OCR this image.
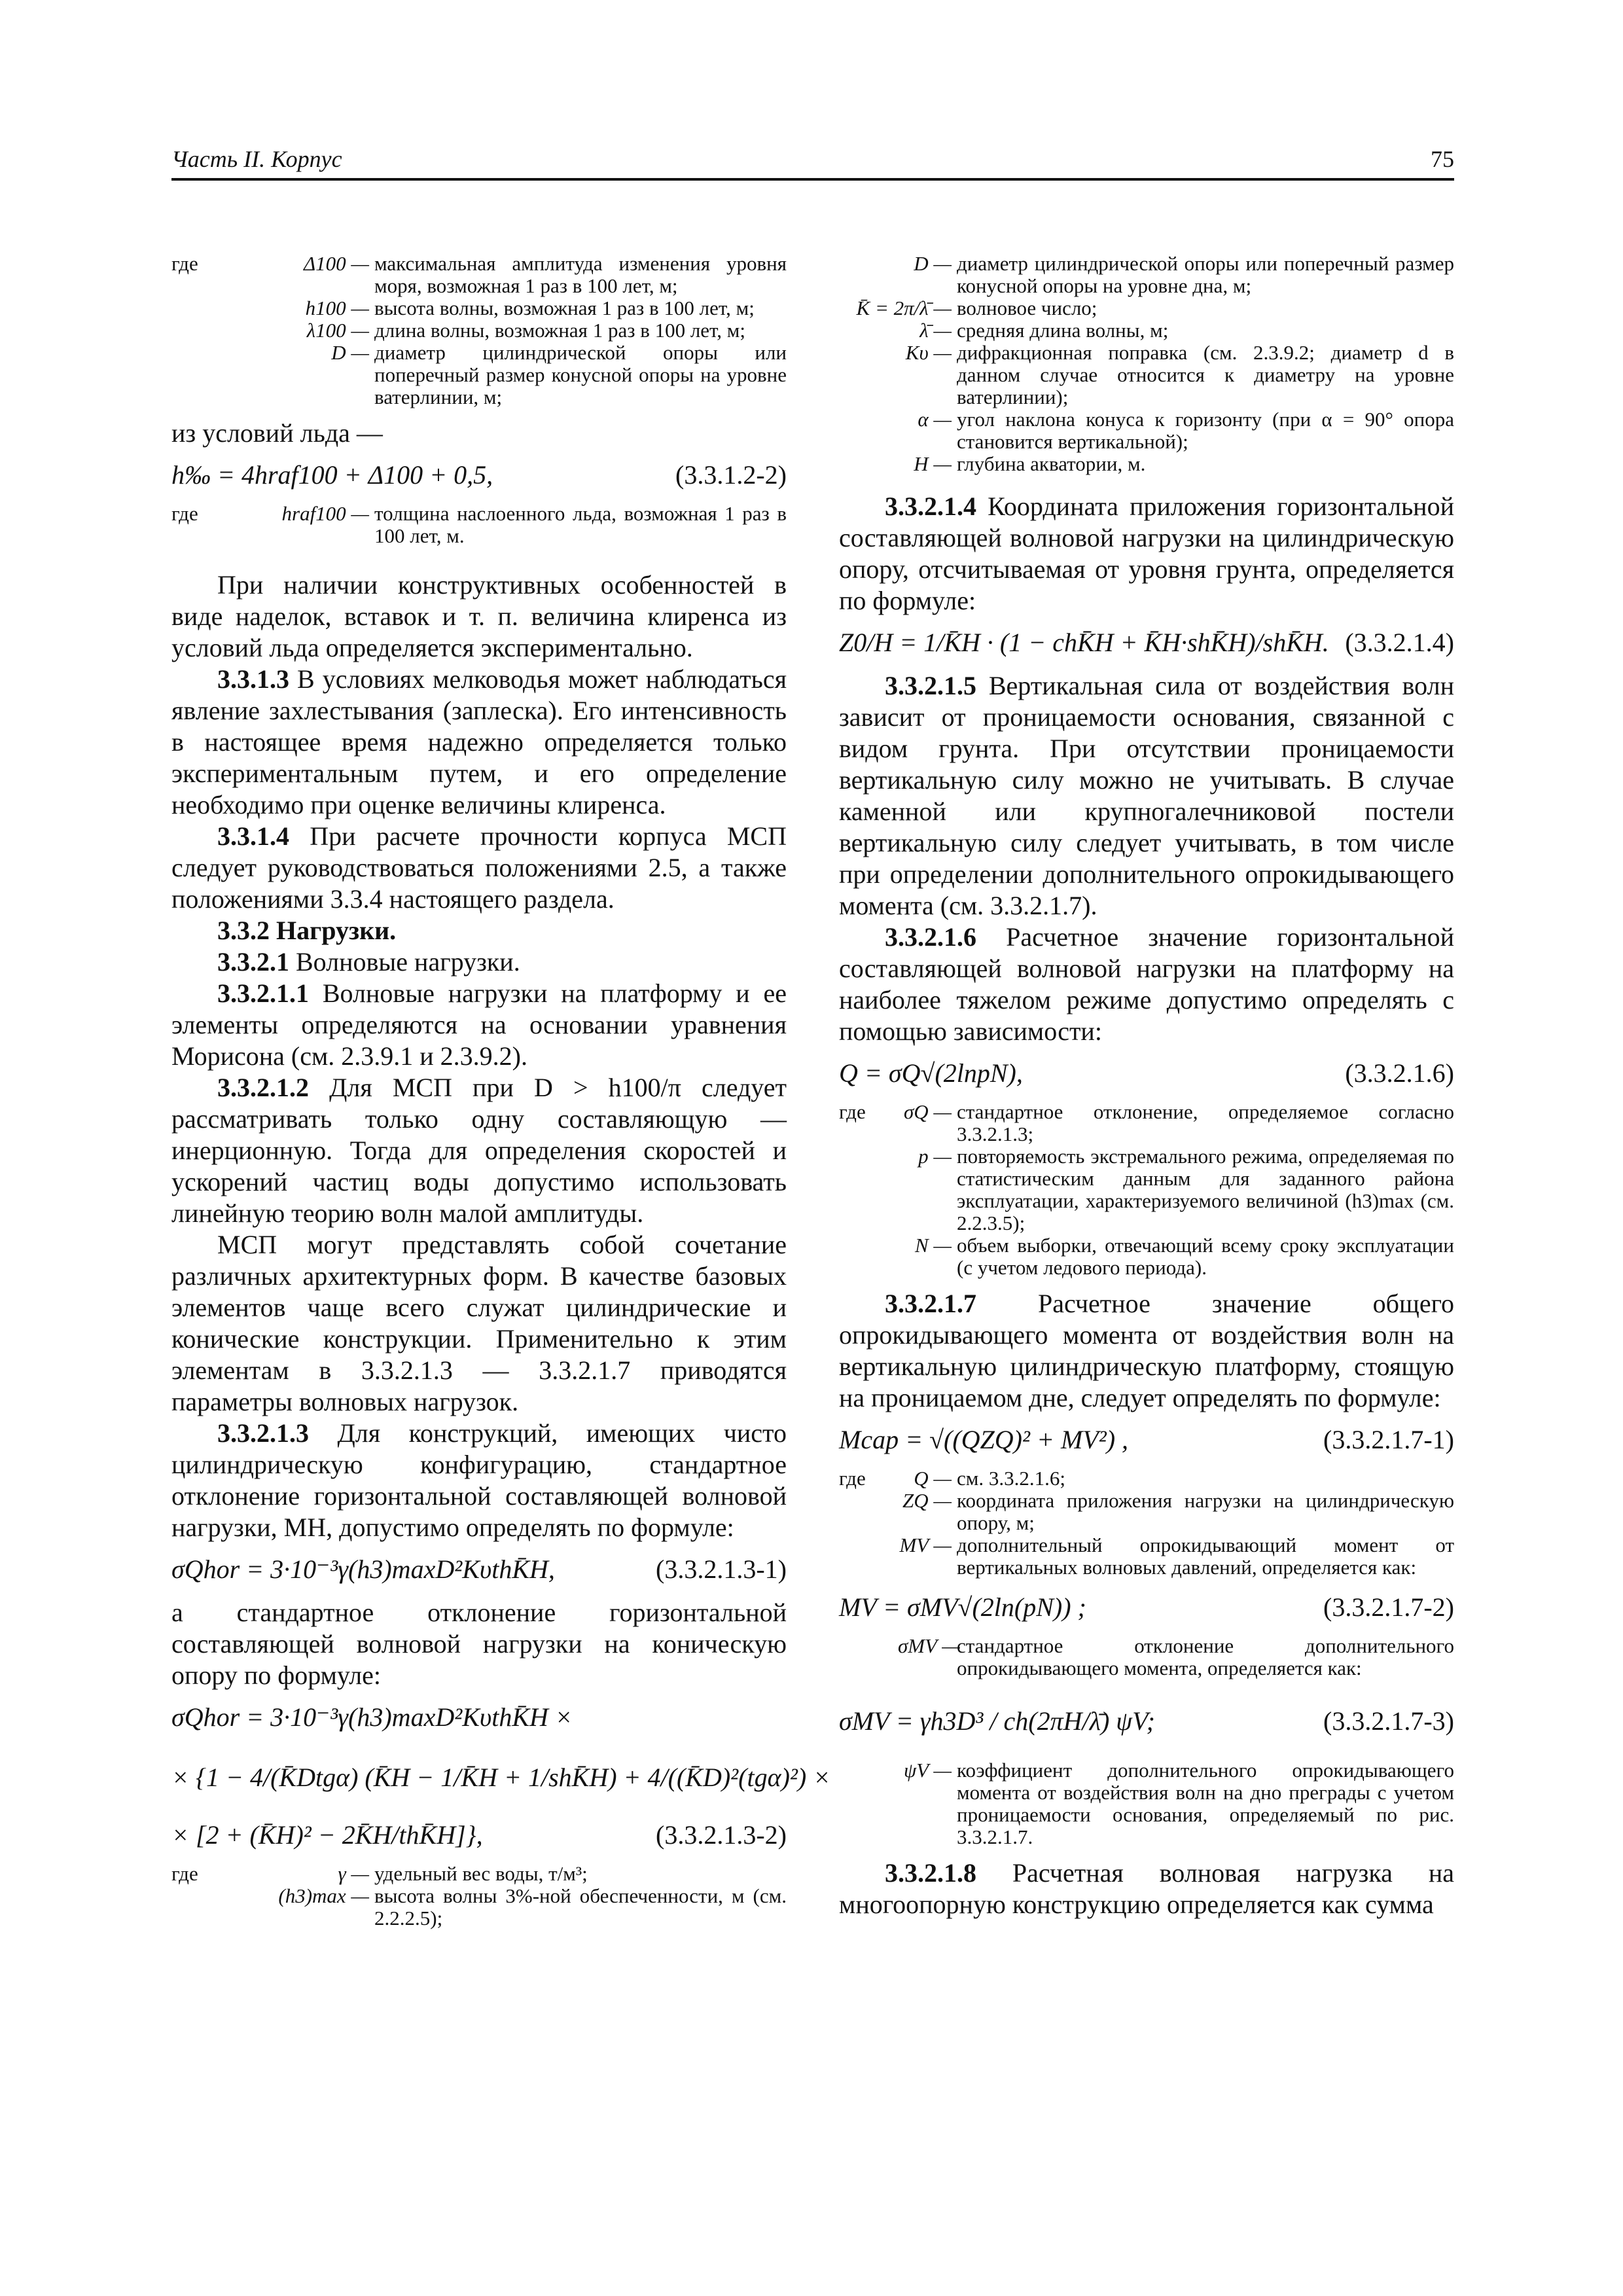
Часть II. Корпус	75
где	Δ100 — максимальная амплитуда изменения уровня моря, возможная 1 раз в 100 лет, м;
h100 — высота волны, возможная 1 раз в 100 лет, м;
λ100 — длина волны, возможная 1 раз в 100 лет, м;
D — диаметр цилиндрической опоры или поперечный размер конусной опоры на уровне ватерлинии, м;

из условий льда —

h‰ = 4hraf100 + Δ100 + 0,5,	(3.3.1.2-2)
где	hraf100 — толщина наслоенного льда, возможная 1 раз в 100 лет, м.

При наличии конструктивных особенностей в виде наделок, вставок и т. п. величина клиренса из условий льда определяется экспериментально.

3.3.1.3 В условиях мелководья может наблюдаться явление захлестывания (заплеска). Его интенсивность в настоящее время надежно определяется только экспериментальным путем, и его определение необходимо при оценке величины клиренса.

3.3.1.4 При расчете прочности корпуса МСП следует руководствоваться положениями 2.5, а также положениями 3.3.4 настоящего раздела.

3.3.2 Нагрузки.

3.3.2.1 Волновые нагрузки.

3.3.2.1.1 Волновые нагрузки на платформу и ее элементы определяются на основании уравнения Морисона (см. 2.3.9.1 и 2.3.9.2).

3.3.2.1.2 Для МСП при D > h100/π следует рассматривать только одну составляющую — инерционную. Тогда для определения скоростей и ускорений частиц воды допустимо использовать линейную теорию волн малой амплитуды.

МСП могут представлять собой сочетание различных архитектурных форм. В качестве базовых элементов чаще всего служат цилиндрические и конические конструкции. Применительно к этим элементам в 3.3.2.1.3 — 3.3.2.1.7 приводятся параметры волновых нагрузок.

3.3.2.1.3 Для конструкций, имеющих чисто цилиндрическую конфигурацию, стандартное отклонение горизонтальной составляющей волновой нагрузки, МН, допустимо определять по формуле:

σQhor = 3·10⁻³γ(h3)maxD²KυthK̄H,	(3.3.2.1.3-1)

а стандартное отклонение горизонтальной составляющей волновой нагрузки на коническую опору по формуле:

σQhor = 3·10⁻³γ(h3)maxD²KυthK̄H ×
× {1 − 4/(K̄Dtgα) (K̄H − 1/K̄H + 1/shK̄H) + 4/((K̄D)²(tgα)²) ×
× [2 + (K̄H)² − 2K̄H/thK̄H]},	(3.3.2.1.3-2)
где	γ — удельный вес воды, т/м³;
(h3)max — высота волны 3%-ной обеспеченности, м (см. 2.2.2.5);
D — диаметр цилиндрической опоры или поперечный размер конусной опоры на уровне дна, м;
K̄ = 2π/λ̄ — волновое число;
λ̄ — средняя длина волны, м;
Kυ — дифракционная поправка (см. 2.3.9.2; диаметр d в данном случае относится к диаметру на уровне ватерлинии);
α — угол наклона конуса к горизонту (при α = 90° опора становится вертикальной);
H — глубина акватории, м.

3.3.2.1.4 Координата приложения горизонтальной составляющей волновой нагрузки на цилиндрическую опору, отсчитываемая от уровня грунта, определяется по формуле:

Z0/H = 1/K̄H · (1 − chK̄H + K̄H·shK̄H)/shK̄H. (3.3.2.1.4)

3.3.2.1.5 Вертикальная сила от воздействия волн зависит от проницаемости основания, связанной с видом грунта. При отсутствии проницаемости вертикальную силу можно не учитывать. В случае каменной или крупногалечниковой постели вертикальную силу следует учитывать, в том числе при определении дополнительного опрокидывающего момента (см. 3.3.2.1.7).

3.3.2.1.6 Расчетное значение горизонтальной составляющей волновой нагрузки на платформу на наиболее тяжелом режиме допустимо определять с помощью зависимости:

Q = σQ√(2lnpN),	(3.3.2.1.6)
где	σQ — стандартное отклонение, определяемое согласно 3.3.2.1.3;
p — повторяемость экстремального режима, определяемая по статистическим данным для заданного района эксплуатации, характеризуемого величиной (h3)max (см. 2.2.3.5);
N — объем выборки, отвечающий всему сроку эксплуатации (с учетом ледового периода).

3.3.2.1.7 Расчетное значение общего опрокидывающего момента от воздействия волн на вертикальную цилиндрическую платформу, стоящую на проницаемом дне, следует определять по формуле:

Mcap = √((QZQ)² + MV²) ,	(3.3.2.1.7-1)
где	Q — см. 3.3.2.1.6;
ZQ — координата приложения нагрузки на цилиндрическую опору, м;
MV — дополнительный опрокидывающий момент от вертикальных волновых давлений, определяется как:
MV = σMV√(2ln(pN)) ;	(3.3.2.1.7-2)
σMV —
стандартное отклонение дополнительного опрокидывающего момента, определяется как:
σMV = γh3D³ / ch(2πH/λ̄) ψV;	(3.3.2.1.7-3)
ψV — коэффициент дополнительного опрокидывающего момента от воздействия волн на дно преграды с учетом проницаемости основания, определяемый по рис. 3.3.2.1.7.

3.3.2.1.8 Расчетная волновая нагрузка на многоопорную конструкцию определяется как сумма
